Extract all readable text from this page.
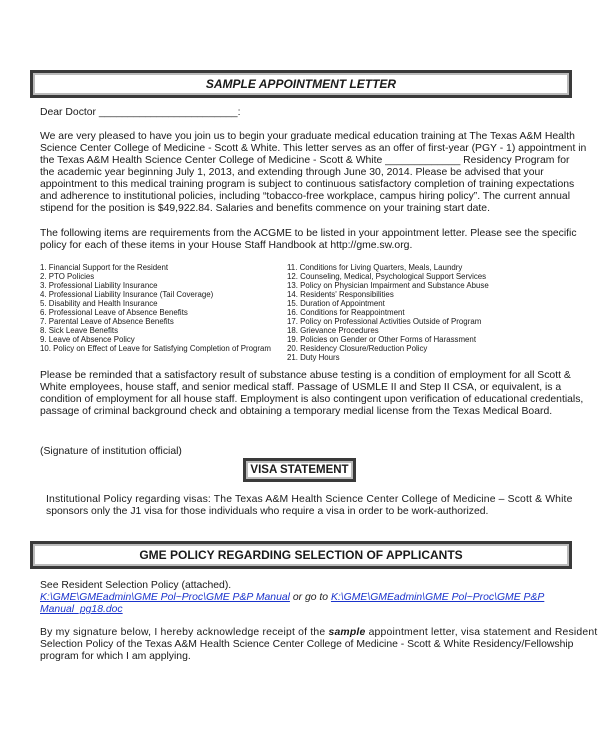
SAMPLE APPOINTMENT LETTER
Dear Doctor ________________________:
We are very pleased to have you join us to begin your graduate medical education training at The Texas A&M Health
Science Center College of Medicine - Scott & White. This letter serves as an offer of first-year (PGY - 1) appointment in
the Texas A&M Health Science Center College of Medicine - Scott & White _____________ Residency Program for
the academic year beginning July 1, 2013, and extending through June 30, 2014. Please be advised that your
appointment to this medical training program is subject to continuous satisfactory completion of training expectations
and adherence to institutional policies, including “tobacco-free workplace, campus hiring policy”. The current annual
stipend for the position is $49,922.84. Salaries and benefits commence on your training start date.
The following items are requirements from the ACGME to be listed in your appointment letter. Please see the specific
policy for each of these items in your House Staff Handbook at http://gme.sw.org.
1. Financial Support for the Resident
2. PTO Policies
3. Professional Liability Insurance
4. Professional Liability Insurance (Tail Coverage)
5. Disability and Health Insurance
6. Professional Leave of Absence Benefits
7. Parental Leave of Absence Benefits
8. Sick Leave Benefits
9. Leave of Absence Policy
10. Policy on Effect of Leave for Satisfying Completion of Program
11. Conditions for Living Quarters, Meals, Laundry
12. Counseling, Medical, Psychological Support Services
13. Policy on Physician Impairment and Substance Abuse
14. Residents' Responsibilities
15. Duration of Appointment
16. Conditions for Reappointment
17. Policy on Professional Activities Outside of Program
18. Grievance Procedures
19. Policies on Gender or Other Forms of Harassment
20. Residency Closure/Reduction Policy
21. Duty Hours
Please be reminded that a satisfactory result of substance abuse testing is a condition of employment for all Scott &
White employees, house staff, and senior medical staff. Passage of USMLE II and Step II CSA, or equivalent, is a
condition of employment for all house staff. Employment is also contingent upon verification of educational credentials,
passage of criminal background check and obtaining a temporary medial license from the Texas Medical Board.
(Signature of institution official)
VISA STATEMENT
Institutional Policy regarding visas: The Texas A&M Health Science Center College of Medicine – Scott & White
sponsors only the J1 visa for those individuals who require a visa in order to be work-authorized.
GME POLICY REGARDING SELECTION OF APPLICANTS
See Resident Selection Policy (attached).
K:\GME\GMEadmin\GME Pol~Proc\GME P&P Manual or go to K:\GME\GMEadmin\GME Pol~Proc\GME P&P
Manual_pg18.doc
By my signature below, I hereby acknowledge receipt of the sample appointment letter, visa statement and Resident
Selection Policy of the Texas A&M Health Science Center College of Medicine - Scott & White Residency/Fellowship
program for which I am applying.
